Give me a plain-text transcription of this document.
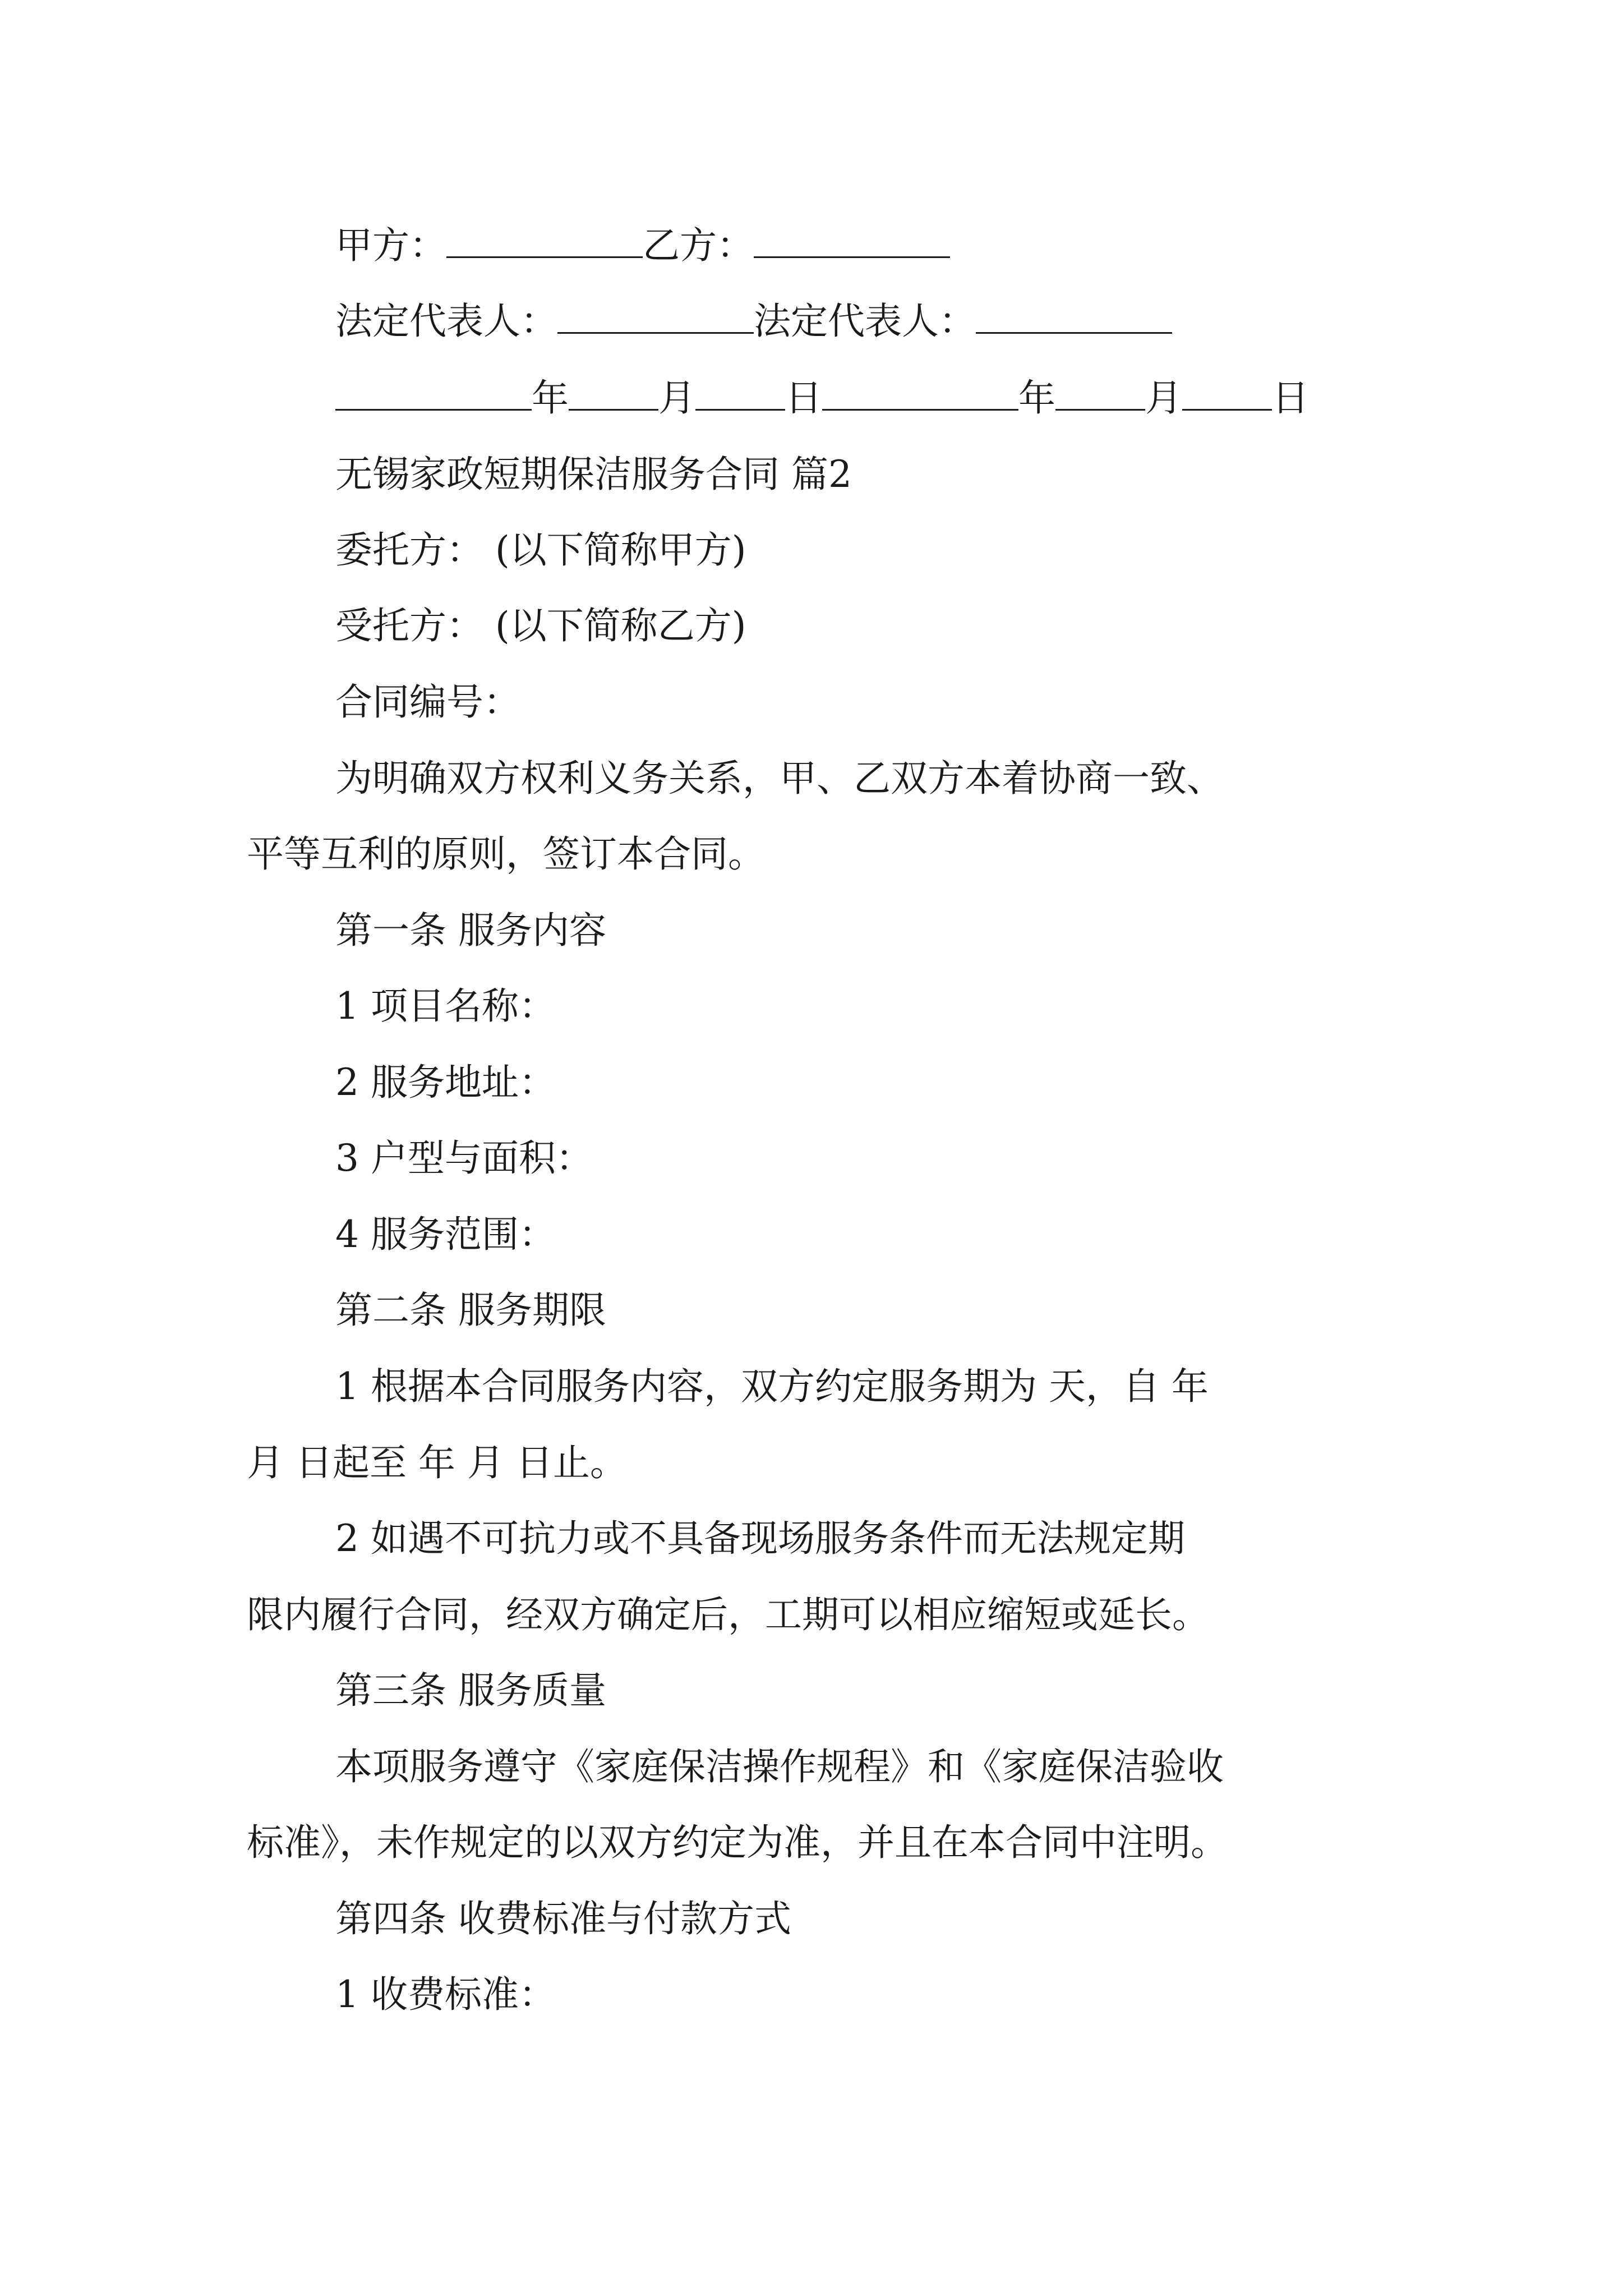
甲方：	乙方：
法定代表人：	法定代表人：
年 月 日	年 月 日
无锡家政短期保洁服务合同 篇2
委托方： (以下简称甲方)
受托方： (以下简称乙方)
合同编号：
为明确双方权利义务关系，甲、乙双方本着协商一致、
平等互利的原则，签订本合同。
第一条 服务内容
1 项目名称：
2 服务地址：
3 户型与面积：
4 服务范围：
第二条 服务期限
1 根据本合同服务内容，双方约定服务期为 天，自 年
月 日起至 年 月 日止。
2 如遇不可抗力或不具备现场服务条件而无法规定期
限内履行合同，经双方确定后，工期可以相应缩短或延长。
第三条 服务质量
本项服务遵守《家庭保洁操作规程》和《家庭保洁验收
标准》，未作规定的以双方约定为准，并且在本合同中注明。
第四条 收费标准与付款方式
1 收费标准：
